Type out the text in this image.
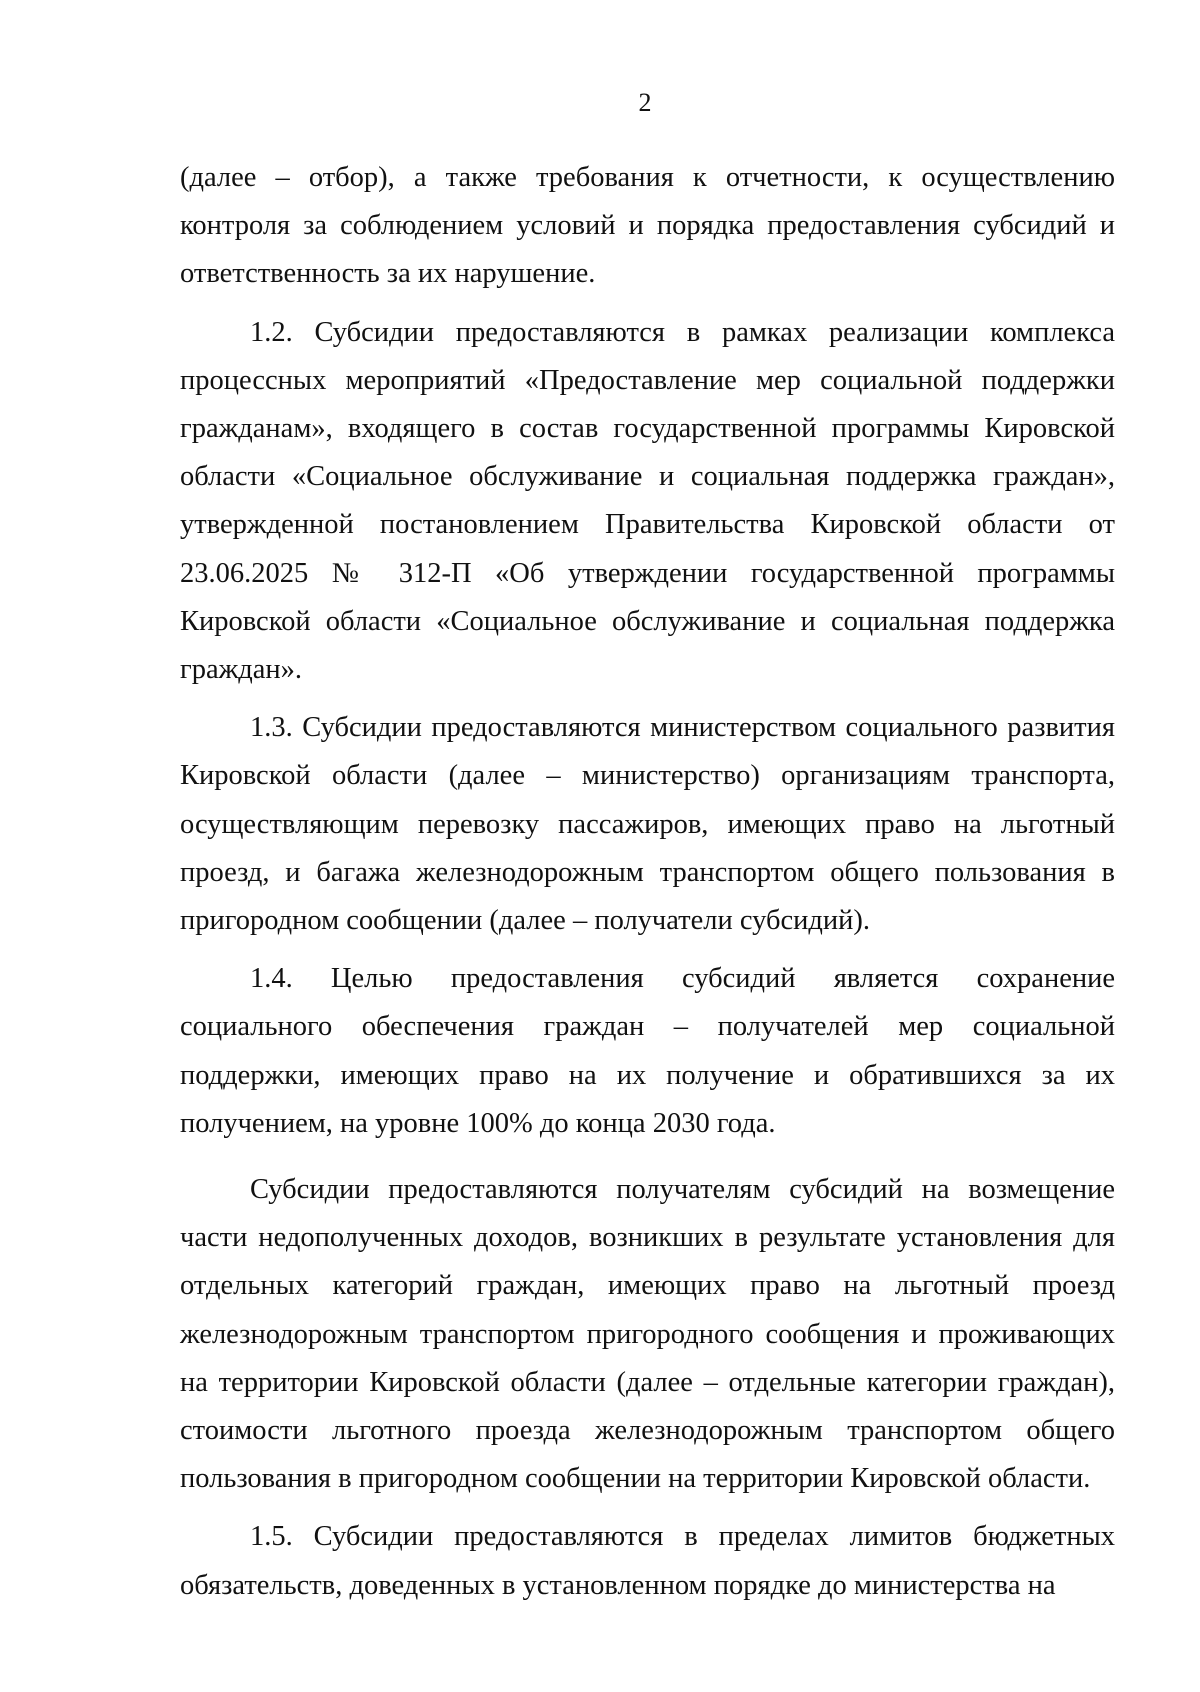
2

(далее – отбор), а также требования к отчетности, к осуществлению контроля за соблюдением условий и порядка предоставления субсидий и ответственность за их нарушение.

1.2. Субсидии предоставляются в рамках реализации комплекса процессных мероприятий «Предоставление мер социальной поддержки гражданам», входящего в состав государственной программы Кировской области «Социальное обслуживание и социальная поддержка граждан», утвержденной постановлением Правительства Кировской области от 23.06.2025 № 312-П «Об утверждении государственной программы Кировской области «Социальное обслуживание и социальная поддержка граждан».

1.3. Субсидии предоставляются министерством социального развития Кировской области (далее – министерство) организациям транспорта, осуществляющим перевозку пассажиров, имеющих право на льготный проезд, и багажа железнодорожным транспортом общего пользования в пригородном сообщении (далее – получатели субсидий).

1.4. Целью предоставления субсидий является сохранение социального обеспечения граждан – получателей мер социальной поддержки, имеющих право на их получение и обратившихся за их получением, на уровне 100% до конца 2030 года.

Субсидии предоставляются получателям субсидий на возмещение части недополученных доходов, возникших в результате установления для отдельных категорий граждан, имеющих право на льготный проезд железнодорожным транспортом пригородного сообщения и проживающих на территории Кировской области (далее – отдельные категории граждан), стоимости льготного проезда железнодорожным транспортом общего пользования в пригородном сообщении на территории Кировской области.

1.5. Субсидии предоставляются в пределах лимитов бюджетных обязательств, доведенных в установленном порядке до министерства на
